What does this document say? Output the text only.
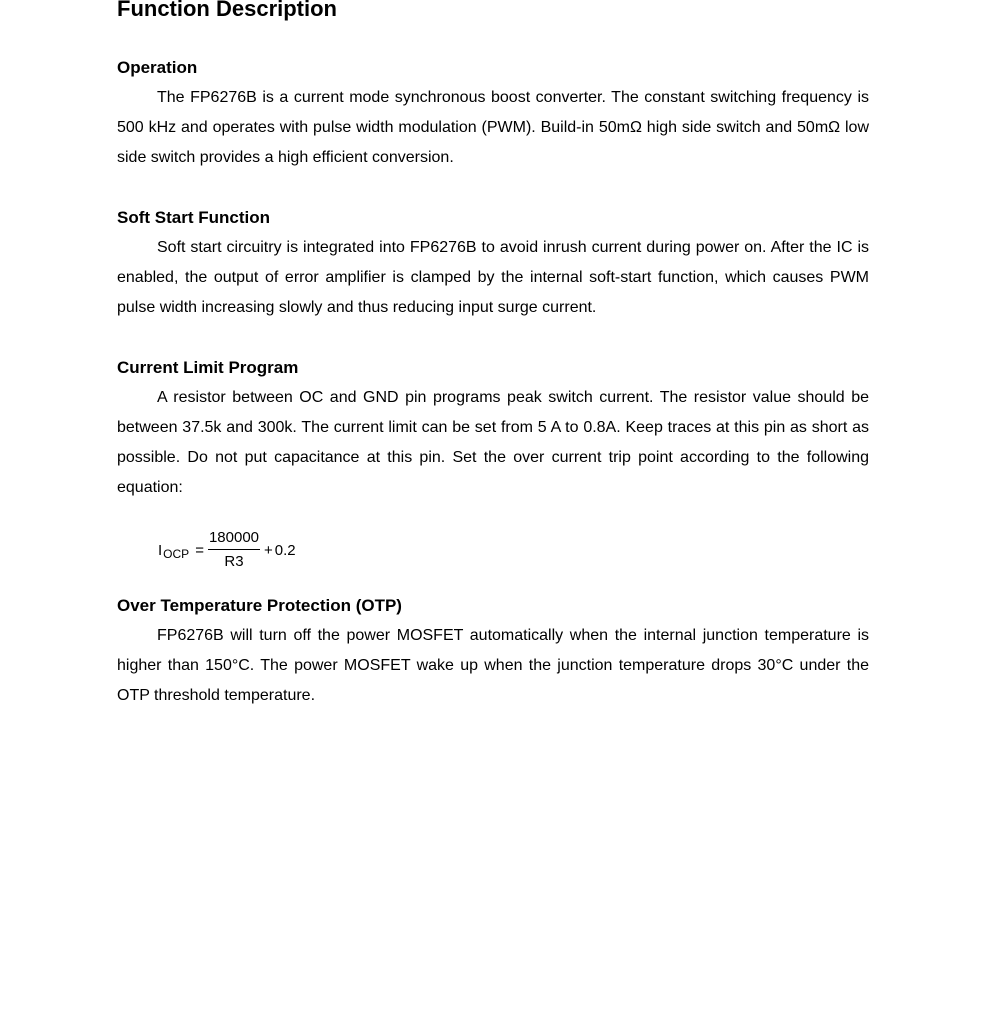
Function Description
Operation

The FP6276B is a current mode synchronous boost converter. The constant switching frequency is 500 kHz and operates with pulse width modulation (PWM). Build-in 50mΩ high side switch and 50mΩ low side switch provides a high efficient conversion.

Soft Start Function

Soft start circuitry is integrated into FP6276B to avoid inrush current during power on. After the IC is enabled, the output of error amplifier is clamped by the internal soft-start function, which causes PWM pulse width increasing slowly and thus reducing input surge current.

Current Limit Program

A resistor between OC and GND pin programs peak switch current. The resistor value should be between 37.5k and 300k. The current limit can be set from 5 A to 0.8A. Keep traces at this pin as short as possible. Do not put capacitance at this pin. Set the over current trip point according to the following equation:

I OCP = $\frac{180000}{R3} + 0.2$
Over Temperature Protection (OTP)

FP6276B will turn off the power MOSFET automatically when the internal junction temperature is higher than 150°C. The power MOSFET wake up when the junction temperature drops 30°C under the OTP threshold temperature.
